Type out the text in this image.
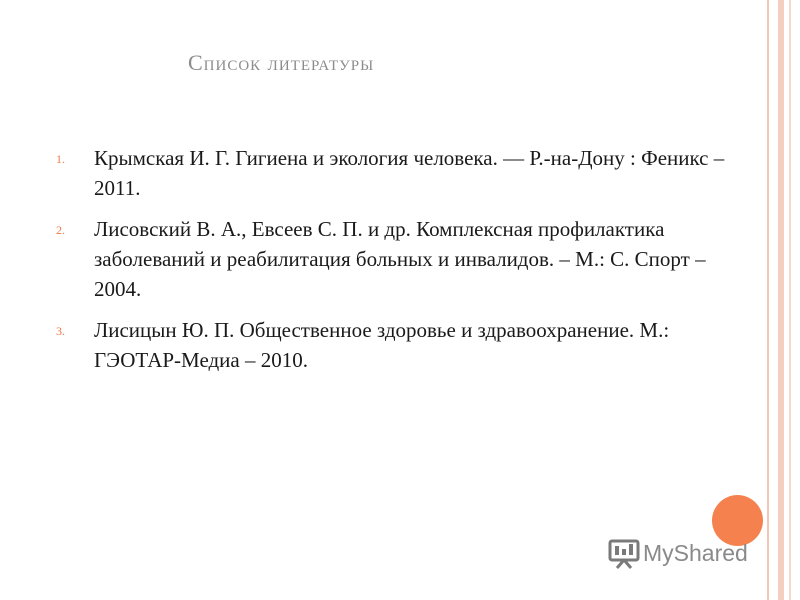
Список литературы
1. Крымская И. Г. Гигиена и экология человека. — Р.-на-Дону : Феникс – 2011.
2. Лисовский В. А., Евсеев С. П. и др. Комплексная профилактика заболеваний и реабилитация больных и инвалидов. – М.: С. Спорт – 2004.
3. Лисицын Ю. П. Общественное здоровье и здравоохранение. М.: ГЭОТАР-Медиа – 2010.
MyShared
